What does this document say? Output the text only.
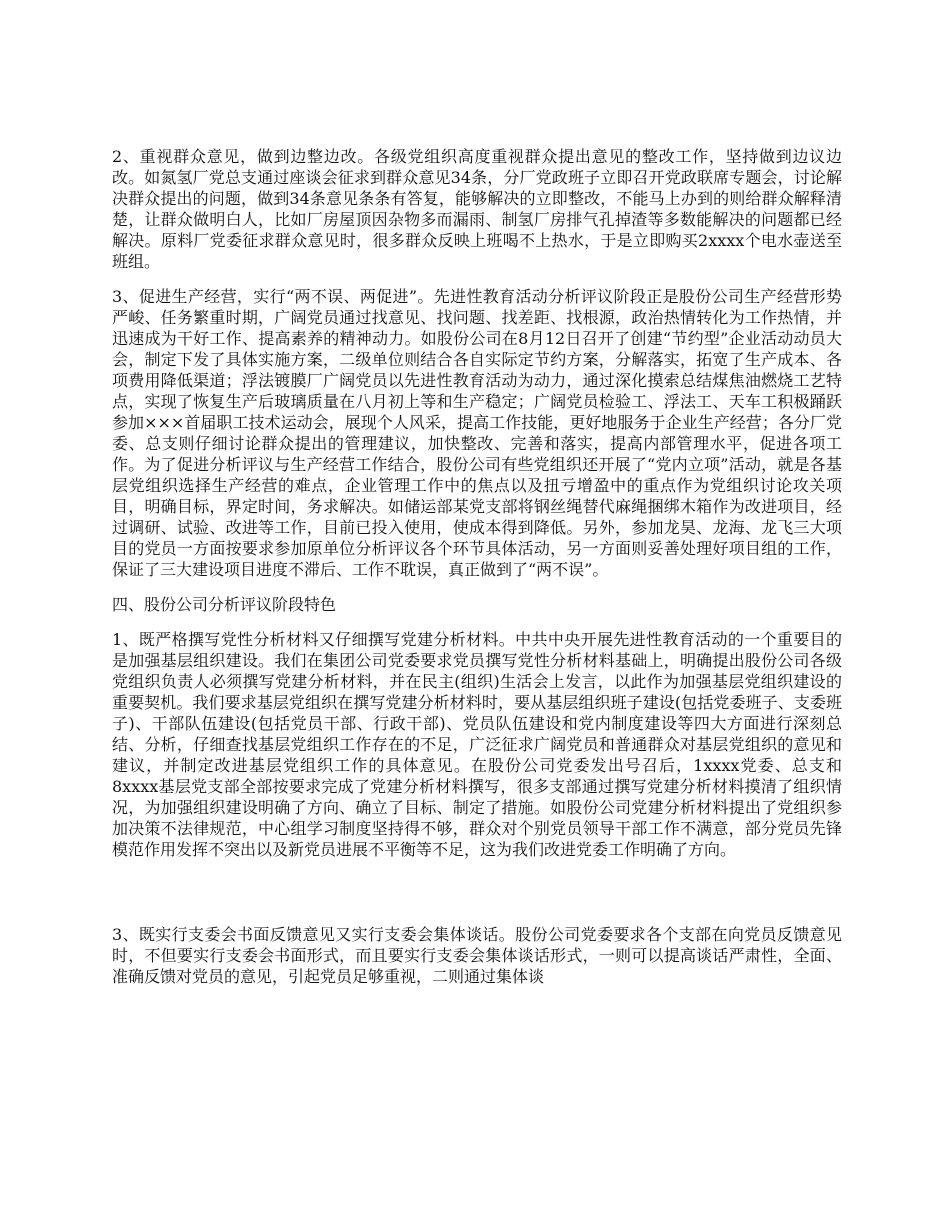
2、重视群众意见，做到边整边改。各级党组织高度重视群众提出意见的整改工作，坚持做到边议边改。如氮氢厂党总支通过座谈会征求到群众意见34条，分厂党政班子立即召开党政联席专题会，讨论解决群众提出的问题，做到34条意见条条有答复，能够解决的立即整改，不能马上办到的则给群众解释清楚，让群众做明白人，比如厂房屋顶因杂物多而漏雨、制氢厂房排气孔掉渣等多数能解决的问题都已经解决。原料厂党委征求群众意见时，很多群众反映上班喝不上热水，于是立即购买2xxxx个电水壶送至班组。

3、促进生产经营，实行“两不误、两促进”。先进性教育活动分析评议阶段正是股份公司生产经营形势严峻、任务繁重时期，广阔党员通过找意见、找问题、找差距、找根源，政治热情转化为工作热情，并迅速成为干好工作、提高素养的精神动力。如股份公司在8月12日召开了创建“节约型”企业活动动员大会，制定下发了具体实施方案，二级单位则结合各自实际定节约方案，分解落实，拓宽了生产成本、各项费用降低渠道；浮法镀膜厂广阔党员以先进性教育活动为动力，通过深化摸索总结煤焦油燃烧工艺特点，实现了恢复生产后玻璃质量在八月初上等和生产稳定；广阔党员检验工、浮法工、天车工积极踊跃参加×××首届职工技术运动会，展现个人风采，提高工作技能，更好地服务于企业生产经营；各分厂党委、总支则仔细讨论群众提出的管理建议，加快整改、完善和落实，提高内部管理水平，促进各项工作。为了促进分析评议与生产经营工作结合，股份公司有些党组织还开展了“党内立项”活动，就是各基层党组织选择生产经营的难点，企业管理工作中的焦点以及扭亏增盈中的重点作为党组织讨论攻关项目，明确目标，界定时间，务求解决。如储运部某党支部将钢丝绳替代麻绳捆绑木箱作为改进项目，经过调研、试验、改进等工作，目前已投入使用，使成本得到降低。另外，参加龙昊、龙海、龙飞三大项目的党员一方面按要求参加原单位分析评议各个环节具体活动，另一方面则妥善处理好项目组的工作，保证了三大建设项目进度不滞后、工作不耽误，真正做到了“两不误”。

四、股份公司分析评议阶段特色

1、既严格撰写党性分析材料又仔细撰写党建分析材料。中共中央开展先进性教育活动的一个重要目的是加强基层组织建设。我们在集团公司党委要求党员撰写党性分析材料基础上，明确提出股份公司各级党组织负责人必须撰写党建分析材料，并在民主(组织)生活会上发言，以此作为加强基层党组织建设的重要契机。我们要求基层党组织在撰写党建分析材料时，要从基层组织班子建设(包括党委班子、支委班子)、干部队伍建设(包括党员干部、行政干部)、党员队伍建设和党内制度建设等四大方面进行深刻总结、分析，仔细查找基层党组织工作存在的不足，广泛征求广阔党员和普通群众对基层党组织的意见和建议，并制定改进基层党组织工作的具体意见。在股份公司党委发出号召后，1xxxx党委、总支和8xxxx基层党支部全部按要求完成了党建分析材料撰写，很多支部通过撰写党建分析材料摸清了组织情况，为加强组织建设明确了方向、确立了目标、制定了措施。如股份公司党建分析材料提出了党组织参加决策不法律规范，中心组学习制度坚持得不够，群众对个别党员领导干部工作不满意，部分党员先锋模范作用发挥不突出以及新党员进展不平衡等不足，这为我们改进党委工作明确了方向。

3、既实行支委会书面反馈意见又实行支委会集体谈话。股份公司党委要求各个支部在向党员反馈意见时，不但要实行支委会书面形式，而且要实行支委会集体谈话形式，一则可以提高谈话严肃性，全面、准确反馈对党员的意见，引起党员足够重视，二则通过集体谈
